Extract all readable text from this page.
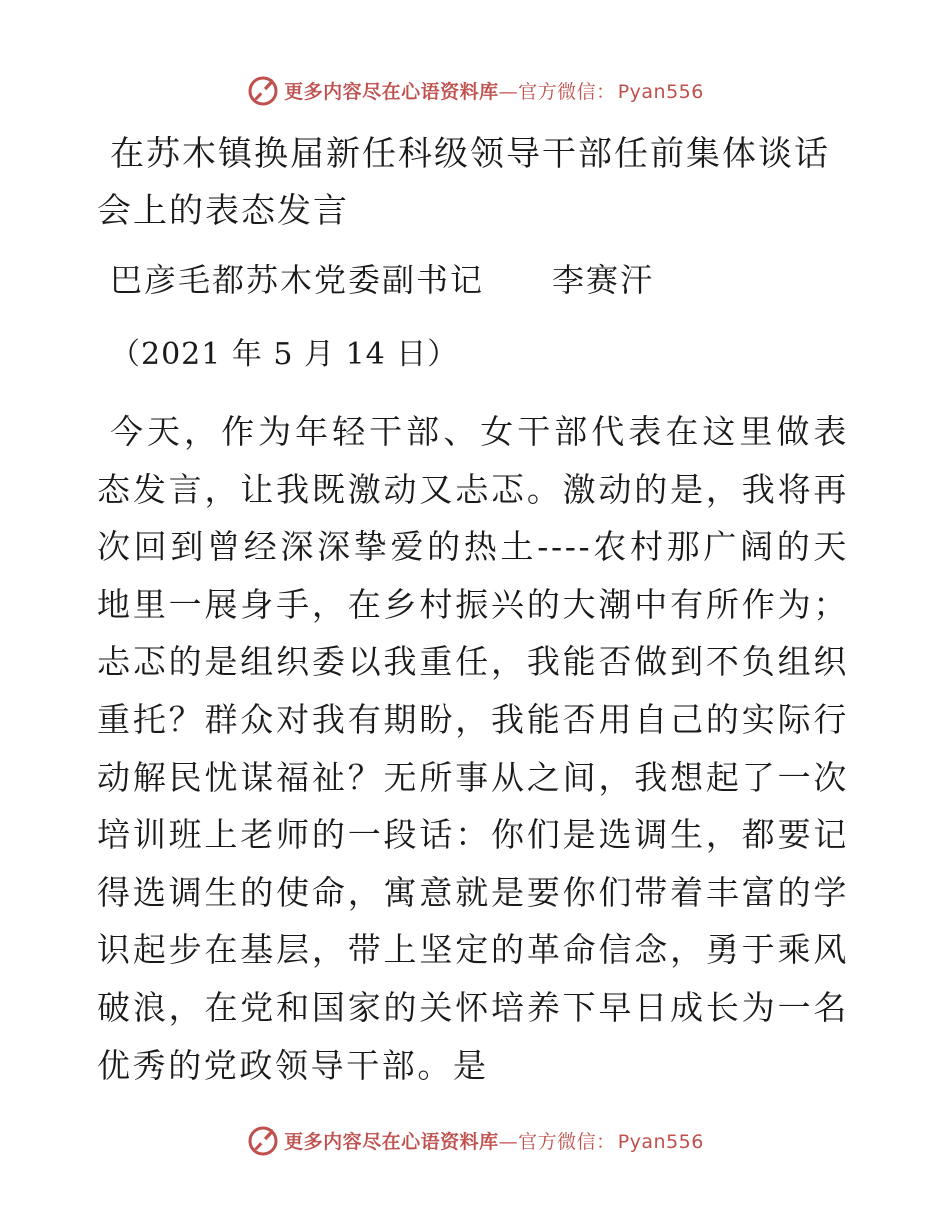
更多内容尽在心语资料库—官方微信： Pyan556
在苏木镇换届新任科级领导干部任前集体谈话会上的表态发言
巴彦毛都苏木党委副书记　　李赛汗
（2021 年 5 月 14 日）

今天，作为年轻干部、女干部代表在这里做表态发言，让我既激动又忐忑。激动的是，我将再次回到曾经深深挚爱的热土----农村那广阔的天地里一展身手，在乡村振兴的大潮中有所作为；忐忑的是组织委以我重任，我能否做到不负组织重托？群众对我有期盼，我能否用自己的实际行动解民忧谋福祉？无所事从之间，我想起了一次培训班上老师的一段话：你们是选调生，都要记得选调生的使命，寓意就是要你们带着丰富的学识起步在基层，带上坚定的革命信念，勇于乘风破浪，在党和国家的关怀培养下早日成长为一名优秀的党政领导干部。是

更多内容尽在心语资料库—官方微信： Pyan556
